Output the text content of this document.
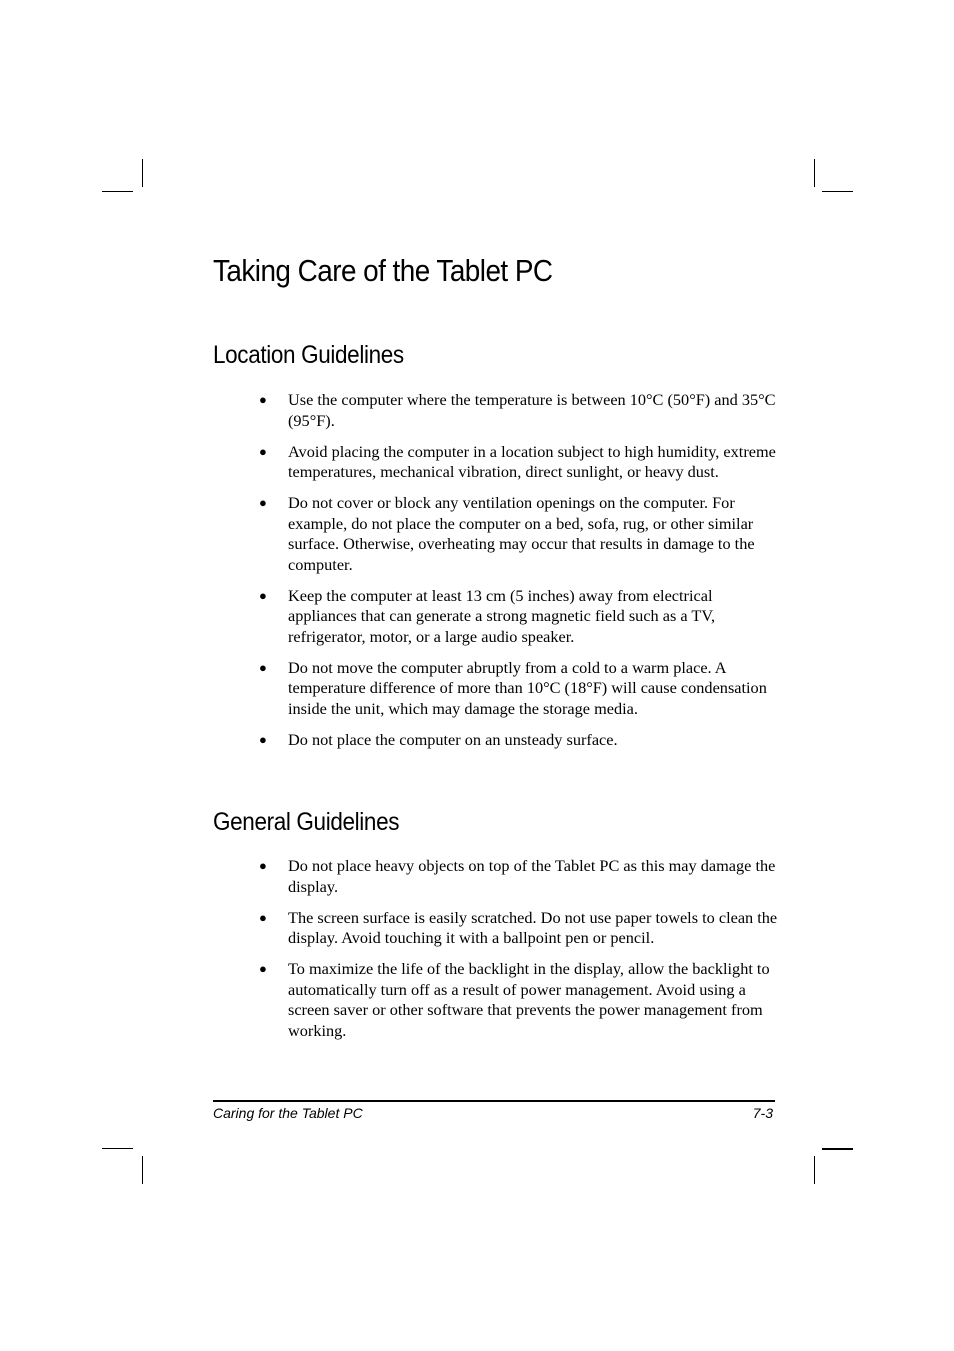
Taking Care of the Tablet PC
Location Guidelines
● Use the computer where the temperature is between 10°C (50°F) and 35°C (95°F).
● Avoid placing the computer in a location subject to high humidity, extreme temperatures, mechanical vibration, direct sunlight, or heavy dust.
● Do not cover or block any ventilation openings on the computer. For example, do not place the computer on a bed, sofa, rug, or other similar surface. Otherwise, overheating may occur that results in damage to the computer.
● Keep the computer at least 13 cm (5 inches) away from electrical appliances that can generate a strong magnetic field such as a TV, refrigerator, motor, or a large audio speaker.
● Do not move the computer abruptly from a cold to a warm place. A temperature difference of more than 10°C (18°F) will cause condensation inside the unit, which may damage the storage media.
● Do not place the computer on an unsteady surface.
General Guidelines
● Do not place heavy objects on top of the Tablet PC as this may damage the display.
● The screen surface is easily scratched. Do not use paper towels to clean the display. Avoid touching it with a ballpoint pen or pencil.
● To maximize the life of the backlight in the display, allow the backlight to automatically turn off as a result of power management. Avoid using a screen saver or other software that prevents the power management from working.
Caring for the Tablet PC	7-3
